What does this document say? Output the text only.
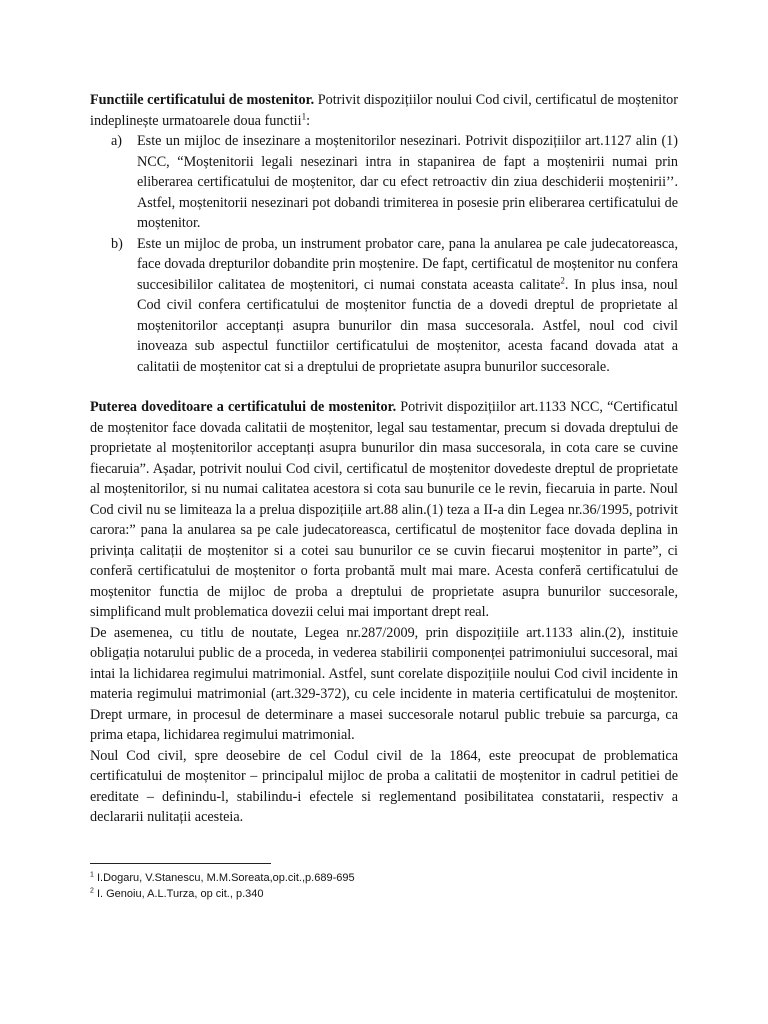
Functiile certificatului de mostenitor. Potrivit dispozițiilor noului Cod civil, certificatul de moștenitor indeplinește urmatoarele doua functii$^1$:

a) Este un mijloc de insezinare a moștenitorilor nesezinari. Potrivit dispozițiilor art.1127 alin (1) NCC, “Moștenitorii legali nesezinari intra in stapanirea de fapt a moștenirii numai prin eliberarea certificatului de moștenitor, dar cu efect retroactiv din ziua deschiderii moștenirii’’. Astfel, moștenitorii nesezinari pot dobandi trimiterea in posesie prin eliberarea certificatului de moștenitor.
b) Este un mijloc de proba, un instrument probator care, pana la anularea pe cale judecatoreasca, face dovada drepturilor dobandite prin moștenire. De fapt, certificatul de moștenitor nu confera succesibililor calitatea de moștenitori, ci numai constata aceasta calitate$^2$. In plus insa, noul Cod civil confera certificatului de moștenitor functia de a dovedi dreptul de proprietate al moștenitorilor acceptanți asupra bunurilor din masa succesorala. Astfel, noul cod civil inoveaza sub aspectul functiilor certificatului de moștenitor, acesta facand dovada atat a calitatii de moștenitor cat si a dreptului de proprietate asupra bunurilor succesorale.

Puterea doveditoare a certificatului de mostenitor. Potrivit dispozițiilor art.1133 NCC, “Certificatul de moștenitor face dovada calitatii de moștenitor, legal sau testamentar, precum si dovada dreptului de proprietate al moștenitorilor acceptanți asupra bunurilor din masa succesorala, in cota care se cuvine fiecaruia”. Așadar, potrivit noului Cod civil, certificatul de moștenitor dovedeste dreptul de proprietate al moștenitorilor, si nu numai calitatea acestora si cota sau bunurile ce le revin, fiecaruia in parte. Noul Cod civil nu se limiteaza la a prelua dispozițiile art.88 alin.(1) teza a II-a din Legea nr.36/1995, potrivit carora:” pana la anularea sa pe cale judecatoreasca, certificatul de moștenitor face dovada deplina in privința calitații de moștenitor si a cotei sau bunurilor ce se cuvin fiecarui moștenitor in parte”, ci conferă certificatului de moștenitor o forta probantă mult mai mare. Acesta conferă certificatului de moștenitor functia de mijloc de proba a dreptului de proprietate asupra bunurilor succesorale, simplificand mult problematica dovezii celui mai important drept real.

De asemenea, cu titlu de noutate, Legea nr.287/2009, prin dispozițiile art.1133 alin.(2), instituie obligația notarului public de a proceda, in vederea stabilirii componenței patrimoniului succesoral, mai intai la lichidarea regimului matrimonial. Astfel, sunt corelate dispozițiile noului Cod civil incidente in materia regimului matrimonial (art.329-372), cu cele incidente in materia certificatului de moștenitor. Drept urmare, in procesul de determinare a masei succesorale notarul public trebuie sa parcurga, ca prima etapa, lichidarea regimului matrimonial.

Noul Cod civil, spre deosebire de cel Codul civil de la 1864, este preocupat de problematica certificatului de moștenitor – principalul mijloc de proba a calitatii de moștenitor in cadrul petitiei de ereditate – definindu-l, stabilindu-i efectele si reglementand posibilitatea constatarii, respectiv a declararii nulitații acesteia.

$^1$ I.Dogaru, V.Stanescu, M.M.Soreata,op.cit.,p.689-695
$^2$ I. Genoiu, A.L.Turza, op cit., p.340
